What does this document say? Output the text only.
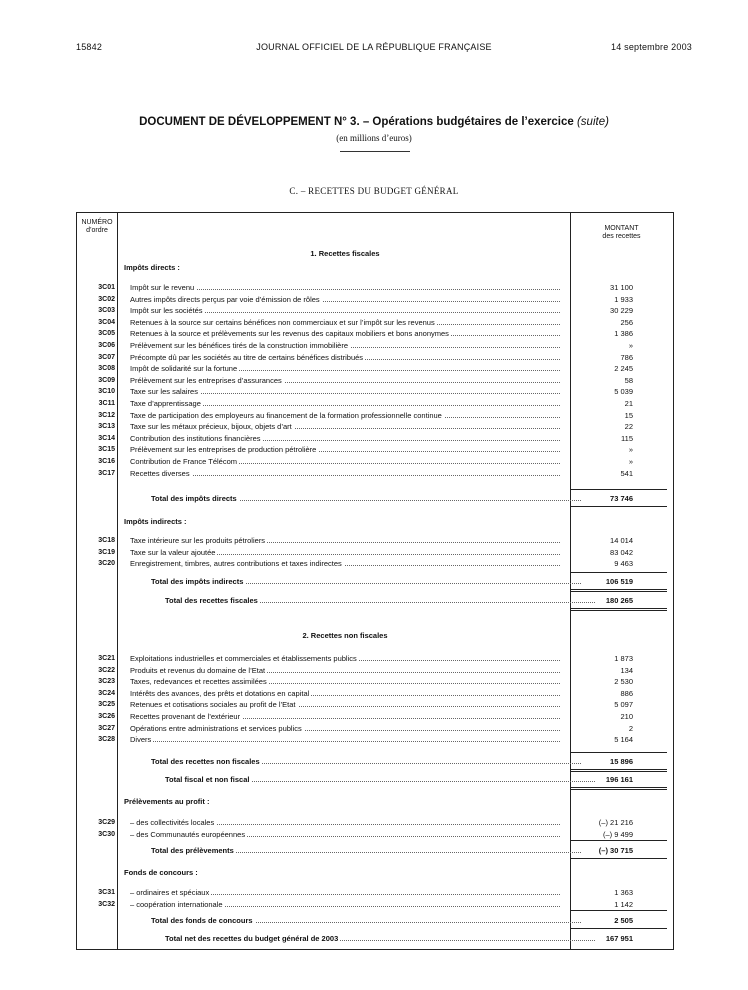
15842	JOURNAL OFFICIEL DE LA RÉPUBLIQUE FRANÇAISE	14 septembre 2003
DOCUMENT DE DÉVELOPPEMENT N° 3. – Opérations budgétaires de l’exercice (suite)
(en millions d’euros)
C. – RECETTES DU BUDGET GÉNÉRAL
NUMÉRO
d’ordre	MONTANT
des recettes
1. Recettes fiscales
Impôts directs :
3C01 Impôt sur le revenu	31 100
3C02 Autres impôts directs perçus par voie d’émission de rôles	1 933
3C03 Impôt sur les sociétés	30 229
3C04 Retenues à la source sur certains bénéfices non commerciaux et sur l’impôt sur les revenus	256
3C05 Retenues à la source et prélèvements sur les revenus des capitaux mobiliers et bons anonymes	1 386
3C06 Prélèvement sur les bénéfices tirés de la construction immobilière	»
3C07 Précompte dû par les sociétés au titre de certains bénéfices distribués	786
3C08 Impôt de solidarité sur la fortune	2 245
3C09 Prélèvement sur les entreprises d’assurances	58
3C10 Taxe sur les salaires	5 039
3C11 Taxe d’apprentissage	21
3C12 Taxe de participation des employeurs au financement de la formation professionnelle continue	15
3C13 Taxe sur les métaux précieux, bijoux, objets d’art	22
3C14 Contribution des institutions financières	115
3C15 Prélèvement sur les entreprises de production pétrolière	»
3C16 Contribution de France Télécom	»
3C17 Recettes diverses	541
Total des impôts directs	73 746
Impôts indirects :
3C18 Taxe intérieure sur les produits pétroliers	14 014
3C19 Taxe sur la valeur ajoutée	83 042
3C20 Enregistrement, timbres, autres contributions et taxes indirectes	9 463
Total des impôts indirects	106 519
Total des recettes fiscales	180 265
2. Recettes non fiscales
3C21 Exploitations industrielles et commerciales et établissements publics	1 873
3C22 Produits et revenus du domaine de l’Etat	134
3C23 Taxes, redevances et recettes assimilées	2 530
3C24 Intérêts des avances, des prêts et dotations en capital	886
3C25 Retenues et cotisations sociales au profit de l’Etat	5 097
3C26 Recettes provenant de l’extérieur	210
3C27 Opérations entre administrations et services publics	2
3C28 Divers	5 164
Total des recettes non fiscales	15 896
Total fiscal et non fiscal	196 161
Prélèvements au profit :
3C29 – des collectivités locales	(–) 21 216
3C30 – des Communautés européennes	(–) 9 499
Total des prélèvements	(–) 30 715
Fonds de concours :
3C31 – ordinaires et spéciaux	1 363
3C32 – coopération internationale	1 142
Total des fonds de concours	2 505
Total net des recettes du budget général de 2003	167 951
